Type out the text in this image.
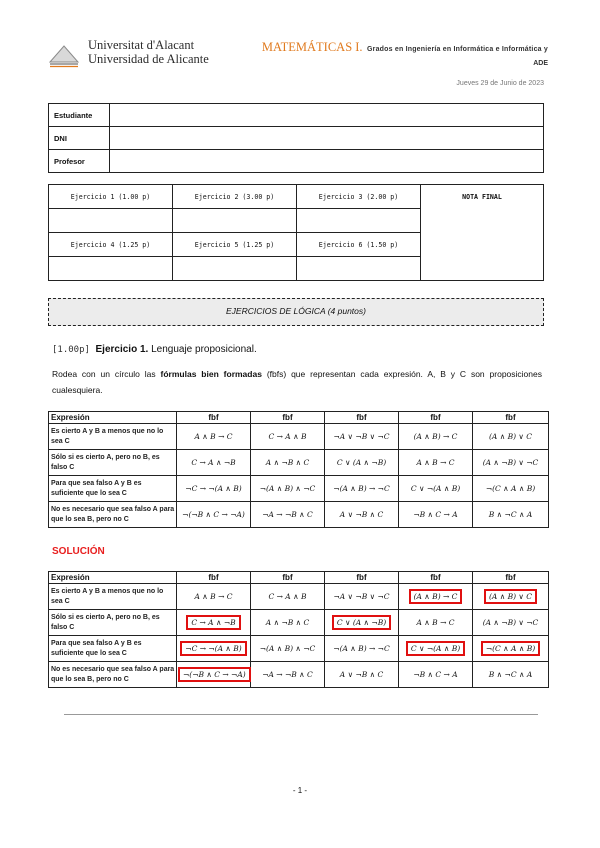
Universitat d'Alacant
Universidad de Alicante
MATEMÁTICAS I. Grados en Ingeniería en Informática e Informática y
ADE
Jueves 29 de Junio de 2023
Estudiante	
DNI	
Profesor	
Ejercicio 1 (1.00 p)	Ejercicio 2 (3.00 p)	Ejercicio 3 (2.00 p)	NOTA FINAL

Ejercicio 4 (1.25 p)	Ejercicio 5 (1.25 p)	Ejercicio 6 (1.50 p)	

EJERCICIOS DE LÓGICA (4 puntos)
[1.00p] Ejercicio 1. Lenguaje proposicional.
Rodea con un círculo las fórmulas bien formadas (fbfs) que representan cada expresión. A, B y C son proposiciones cualesquiera.
Expresión	fbf	fbf	fbf	fbf	fbf
Es cierto A y B a menos que no lo sea C	A ∧ B → C	C → A ∧ B	¬A ∨ ¬B ∨ ¬C	(A ∧ B) → C	(A ∧ B) ∨ C
Sólo si es cierto A, pero no B, es falso C	C → A ∧ ¬B	A ∧ ¬B ∧ C	C ∨ (A ∧ ¬B)	A ∧ B → C	(A ∧ ¬B) ∨ ¬C
Para que sea falso A y B es suficiente que lo sea C	¬C → ¬(A ∧ B)	¬(A ∧ B) ∧ ¬C	¬(A ∧ B) → ¬C	C ∨ ¬(A ∧ B)	¬(C ∧ A ∧ B)
No es necesario que sea falso A para que lo sea B, pero no C	¬(¬B ∧ C → ¬A)	¬A → ¬B ∧ C	A ∨ ¬B ∧ C	¬B ∧ C → A	B ∧ ¬C ∧ A
SOLUCIÓN
Expresión	fbf	fbf	fbf	fbf	fbf
Es cierto A y B a menos que no lo sea C	A ∧ B → C	C → A ∧ B	¬A ∨ ¬B ∨ ¬C	(A ∧ B) → C	(A ∧ B) ∨ C
Sólo si es cierto A, pero no B, es falso C	C → A ∧ ¬B	A ∧ ¬B ∧ C	C ∨ (A ∧ ¬B)	A ∧ B → C	(A ∧ ¬B) ∨ ¬C
Para que sea falso A y B es suficiente que lo sea C	¬C → ¬(A ∧ B)	¬(A ∧ B) ∧ ¬C	¬(A ∧ B) → ¬C	C ∨ ¬(A ∧ B)	¬(C ∧ A ∧ B)
No es necesario que sea falso A para que lo sea B, pero no C	¬(¬B ∧ C → ¬A)	¬A → ¬B ∧ C	A ∨ ¬B ∧ C	¬B ∧ C → A	B ∧ ¬C ∧ A
- 1 -
